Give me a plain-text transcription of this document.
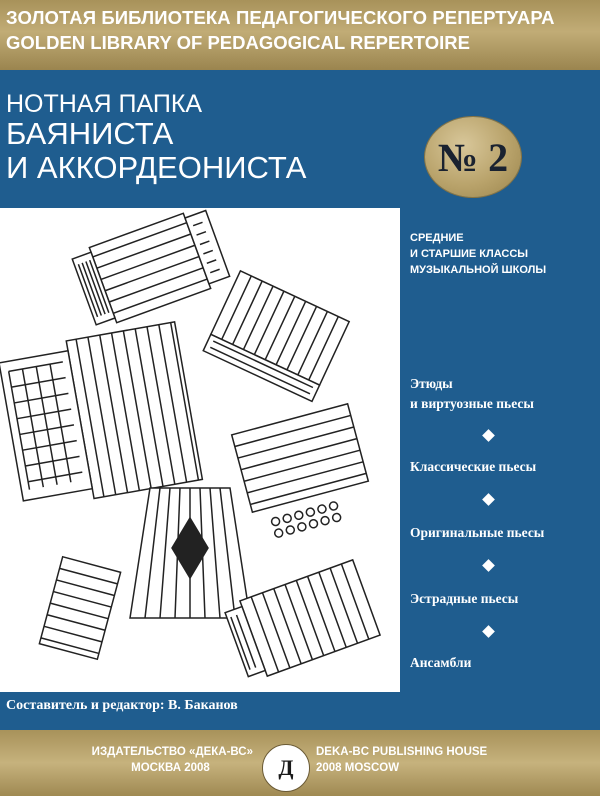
ЗОЛОТАЯ БИБЛИОТЕКА ПЕДАГОГИЧЕСКОГО РЕПЕРТУАРА
GOLDEN LIBRARY OF PEDAGOGICAL REPERTOIRE
НОТНАЯ ПАПКА
БАЯНИСТА
И АККОРДЕОНИСТА	№ 2
СРЕДНИЕ
И СТАРШИЕ КЛАССЫ
МУЗЫКАЛЬНОЙ ШКОЛЫ
Этюды
и виртуозные пьесы
Классические пьесы
Оригинальные пьесы
Эстрадные пьесы
Ансамбли
Составитель и редактор: В. Баканов
ИЗДАТЕЛЬСТВО «ДЕКА-ВС»
МОСКВА 2008	Д
DEKA-BC PUBLISHING HOUSE
2008 MOSCOW
